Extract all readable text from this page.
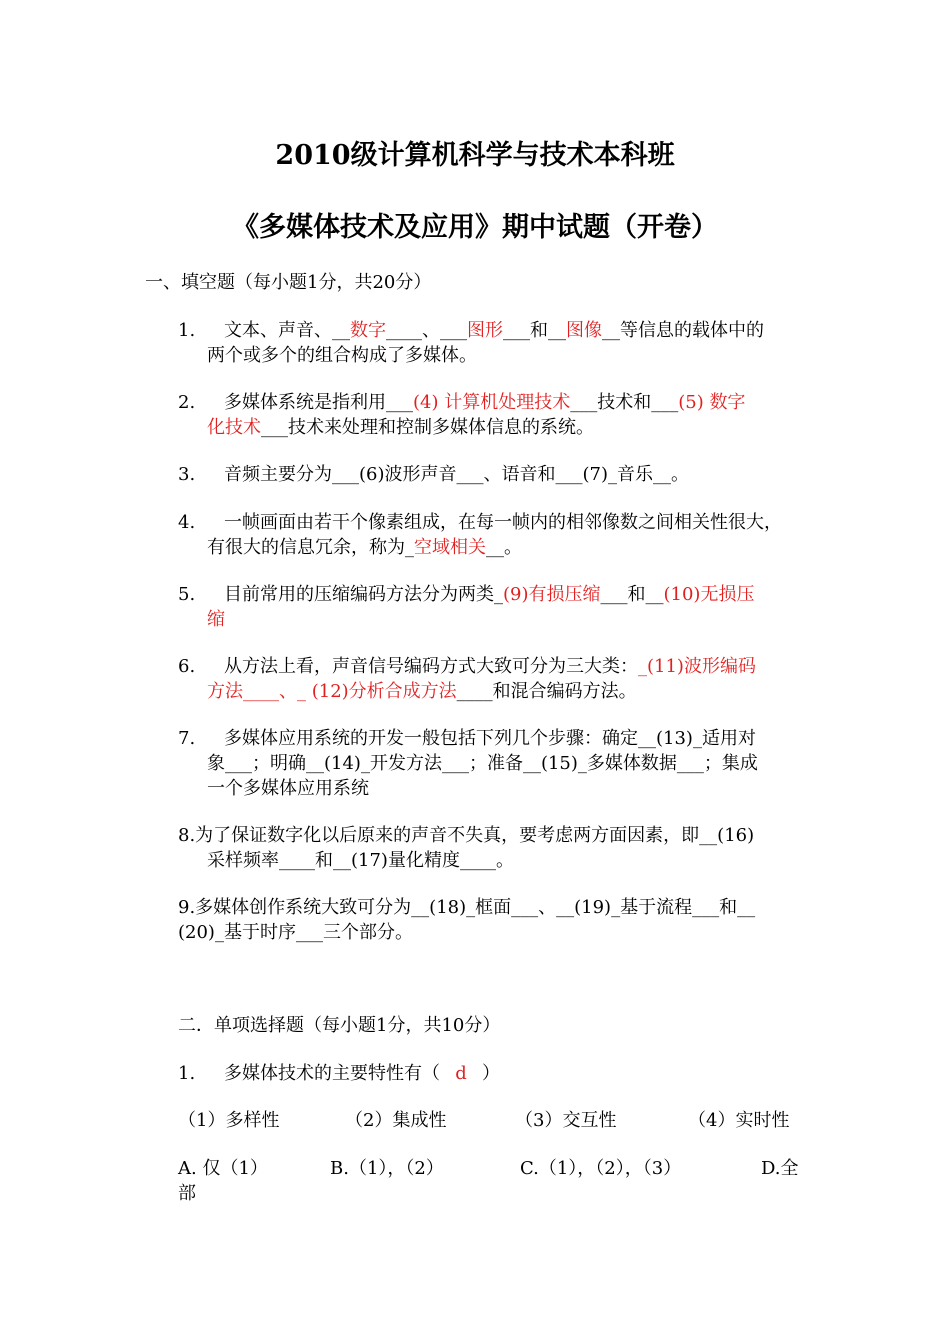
2010级计算机科学与技术本科班
《多媒体技术及应用》期中试题（开卷）
一、填空题（每小题1分，共20分）
1. 文本、声音、__数字____、___图形___和__图像__等信息的载体中的
两个或多个的组合构成了多媒体。
2. 多媒体系统是指利用___(4) 计算机处理技术___技术和___(5) 数字
化技术___技术来处理和控制多媒体信息的系统。
3. 音频主要分为___(6)波形声音___、语音和___(7)_音乐__。
4. 一帧画面由若干个像素组成，在每一帧内的相邻像数之间相关性很大，
有很大的信息冗余，称为_空域相关__。
5. 目前常用的压缩编码方法分为两类_(9)有损压缩___和__(10)无损压
缩
6. 从方法上看，声音信号编码方式大致可分为三大类：_(11)波形编码
方法____、_ (12)分析合成方法____和混合编码方法。
7. 多媒体应用系统的开发一般包括下列几个步骤：确定__(13)_适用对
象___；明确__(14)_开发方法___；准备__(15)_多媒体数据___；集成
一个多媒体应用系统
8.为了保证数字化以后原来的声音不失真，要考虑两方面因素，即__(16)
采样频率____和__(17)量化精度____。
9.多媒体创作系统大致可分为__(18)_框面___、__(19)_基于流程___和__
(20)_基于时序___三个部分。
二．单项选择题（每小题1分，共10分）
1. 多媒体技术的主要特性有（ d ）
（1）多样性	（2）集成性	（3）交互性	（4）实时性
A. 仅（1）	B.（1），（2）	C.（1），（2），（3）	D.全
部
